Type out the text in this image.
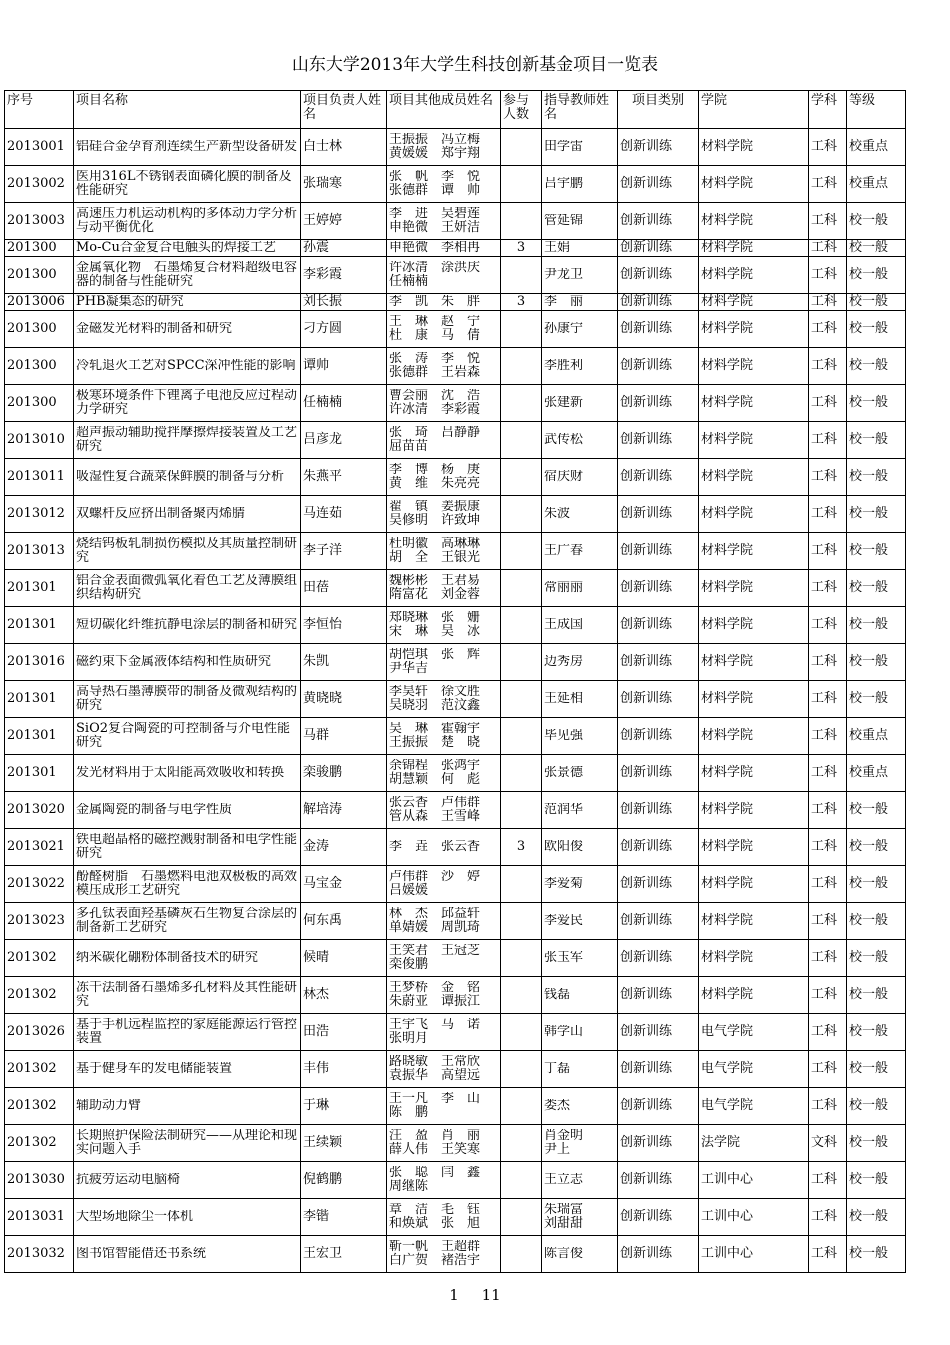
山东大学2013年大学生科技创新基金项目一览表
序号	项目名称	项目负责人姓名	项目其他成员姓名	参与人数	指导教师姓名	项目类别	学院	学科	等级
2013001	铝硅合金孕育剂连续生产新型设备研发	白士林	王振振　冯立梅
黄媛媛　郑宇翔		田学雷	创新训练	材料学院	工科	校重点
2013002	医用316L不锈钢表面磷化膜的制备及性能研究	张瑞寒	张　帆　李　悦
张德群　谭　帅		吕宇鹏	创新训练	材料学院	工科	校重点
2013003	高速压力机运动机构的多体动力学分析与动平衡优化	王婷婷	李　进　吴碧莲
申艳微　王妍洁		管延锦	创新训练	材料学院	工科	校一般
201300	Mo-Cu合金复合电触头的焊接工艺	孙震	申艳微　李相冉	3	王娟	创新训练	材料学院	工科	校一般
201300	金属氧化物　石墨烯复合材料超级电容器的制备与性能研究	李彩霞	许冰清　涂洪庆
任楠楠		尹龙卫	创新训练	材料学院	工科	校一般
2013006	PHB凝集态的研究	刘长振	李　凯　朱　胖	3	李　丽	创新训练	材料学院	工科	校一般
201300	金磁发光材料的制备和研究	刁方圆	王　琳　赵　宁
杜　康　马　倩		孙康宁	创新训练	材料学院	工科	校一般
201300	冷轧退火工艺对SPCC深冲性能的影响	谭帅	张　涛　李　悦
张德群　王岩森		李胜利	创新训练	材料学院	工科	校一般
201300	极寒环境条件下锂离子电池反应过程动力学研究	任楠楠	曹会丽　沈　浩
许冰清　李彩霞		张建新	创新训练	材料学院	工科	校一般
2013010	超声振动辅助搅拌摩擦焊接装置及工艺研究	吕彦龙	张　琦　吕静静
屈苗苗		武传松	创新训练	材料学院	工科	校一般
2013011	吸湿性复合蔬菜保鲜膜的制备与分析	朱燕平	李　博　杨　庚
黄　维　朱亮亮		宿庆财	创新训练	材料学院	工科	校一般
2013012	双螺杆反应挤出制备聚丙烯腈	马连茹	翟　镇　姜振康
吴修明　许致坤		朱波	创新训练	材料学院	工科	校一般
2013013	烧结钨板轧制损伤模拟及其质量控制研究	李子洋	杜明徽　高琳琳
胡　全　王银光		王广春	创新训练	材料学院	工科	校一般
201301	铝合金表面微弧氧化着色工艺及薄膜组织结构研究	田蓓	魏彬彬　王君易
隋富花　刘金蓉		常丽丽	创新训练	材料学院	工科	校一般
201301	短切碳化纤维抗静电涂层的制备和研究	李恒怡	郑晓琳　张　姗
宋　琳　吴　冰		王成国	创新训练	材料学院	工科	校一般
2013016	磁约束下金属液体结构和性质研究	朱凯	胡恺琪　张　辉
尹华吉		边秀房	创新训练	材料学院	工科	校一般
201301	高导热石墨薄膜带的制备及微观结构的研究	黄晓晓	李昊轩　徐文胜
吴晓羽　范汶鑫		王延相	创新训练	材料学院	工科	校一般
201301	SiO2复合陶瓷的可控制备与介电性能研究	马群	吴　琳　霍翰宇
王振振　楚　晓		毕见强	创新训练	材料学院	工科	校重点
201301	发光材料用于太阳能高效吸收和转换	栾骏鹏	余锦程　张鸿宇
胡慧颖　何　彪		张景德	创新训练	材料学院	工科	校重点
2013020	金属陶瓷的制备与电学性质	解培涛	张云香　卢伟群
管从森　王雪峰		范润华	创新训练	材料学院	工科	校一般
2013021	铁电超晶格的磁控溅射制备和电学性能研究	金涛	李　垚　张云香	3	欧阳俊	创新训练	材料学院	工科	校一般
2013022	酚醛树脂　石墨燃料电池双极板的高效模压成形工艺研究	马宝金	卢伟群　沙　婷
吕媛媛		李爱菊	创新训练	材料学院	工科	校一般
2013023	多孔钛表面羟基磷灰石生物复合涂层的制备新工艺研究	何东禹	林　杰　邱益轩
单婧媛　周凯琦		李爱民	创新训练	材料学院	工科	校一般
201302	纳米碳化硼粉体制备技术的研究	候晴	王笑君　王冠芝
栾俊鹏		张玉军	创新训练	材料学院	工科	校一般
201302	冻干法制备石墨烯多孔材料及其性能研究	林杰	王梦桥　金　铭
朱蔚亚　谭振江		钱磊	创新训练	材料学院	工科	校一般
2013026	基于手机远程监控的家庭能源运行管控装置	田浩	王宇飞　马　诺
张明月		韩学山	创新训练	电气学院	工科	校一般
201302	基于健身车的发电储能装置	丰伟	路晓敏　王常欣
袁振华　高望远		丁磊	创新训练	电气学院	工科	校一般
201302	辅助动力臂	于琳	王一凡　李　山
陈　鹏		娄杰	创新训练	电气学院	工科	校一般
201302	长期照护保险法制研究——从理论和现实问题入手	王续颖	汪　盈　肖　丽
薛人伟　王笑寒		肖金明
尹上	创新训练	法学院	文科	校一般
2013030	抗疲劳运动电脑椅	倪鹤鹏	张　聪　闫　鑫
周继陈		王立志	创新训练	工训中心	工科	校一般
2013031	大型场地除尘一体机	李锴	章　洁　毛　钰
和焕斌　张　旭		朱瑞富
刘甜甜	创新训练	工训中心	工科	校一般
2013032	图书馆智能借还书系统	王宏卫	靳一帆　王超群
白广贺　褚浩宇		陈言俊	创新训练	工训中心	工科	校一般
1 11
